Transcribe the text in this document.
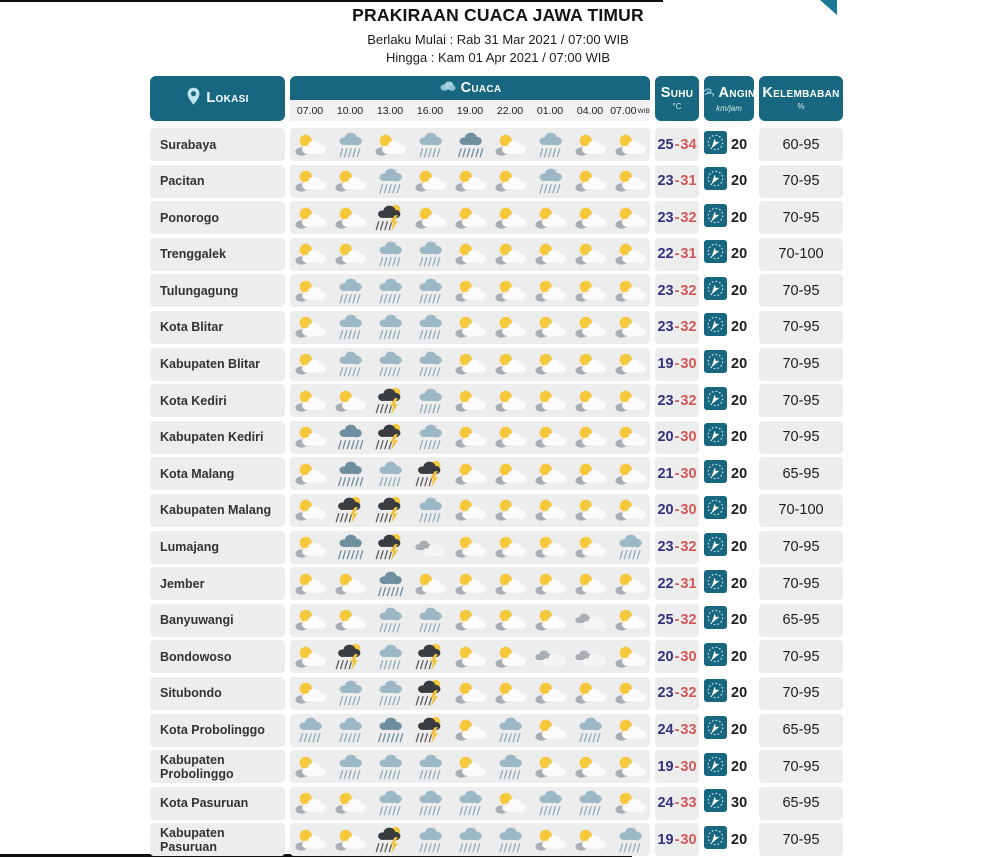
PRAKIRAAN CUACA JAWA TIMUR
Berlaku Mulai : Rab 31 Mar 2021 / 07:00 WIB
Hingga : Kam 01 Apr 2021 / 07:00 WIB
LOKASI
CUACA
07.00	10.00	13.00	16.00	19.00	22.00	01.00	04.00 07.00WIB
SUHU
°C
ANGIN
km/jam
KELEMBABAN
%
Surabaya	25 - 34 20	60-95
Pacitan	23 - 31 20	70-95
Ponorogo	23 - 32 20	70-95
Trenggalek	22 - 31 20	70-100
Tulungagung	23 - 32 20	70-95
Kota Blitar	23 - 32 20	70-95
Kabupaten Blitar	19 - 30 20	70-95
Kota Kediri	23 - 32 20	70-95
Kabupaten Kediri	20 - 30 20	70-95
Kota Malang	21 - 30 20	65-95
Kabupaten Malang	20 - 30 20	70-100
Lumajang	23 - 32 20	70-95
Jember	22 - 31 20	70-95
Banyuwangi	25 - 32 20	65-95
Bondowoso	20 - 30 20	70-95
Situbondo	23 - 32 20	70-95
Kota Probolinggo	24 - 33 20	65-95
Kabupaten Probolinggo	19 - 30 20	70-95
Kota Pasuruan	24 - 33 30	65-95
Kabupaten Pasuruan	19 - 30 20	70-95
